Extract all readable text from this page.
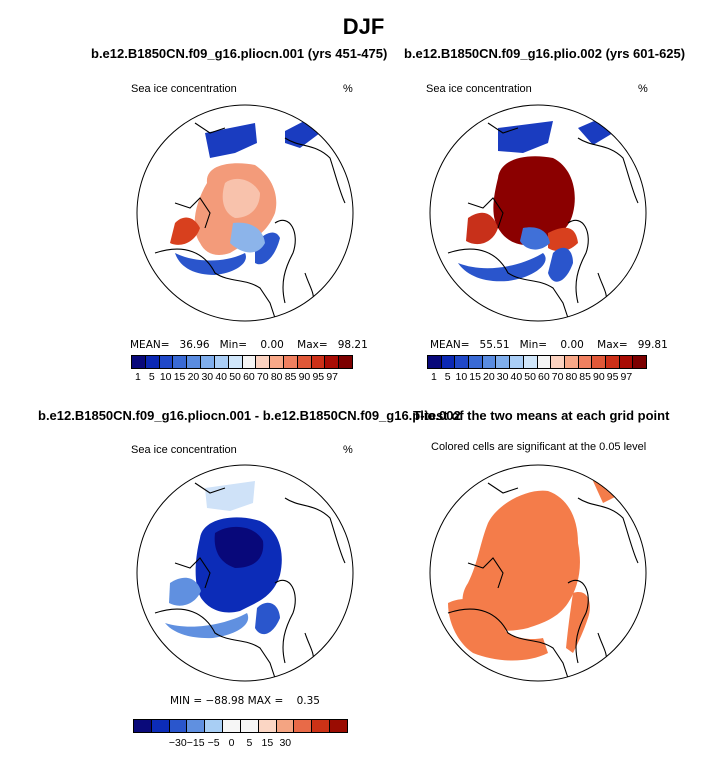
DJF
b.e12.B1850CN.f09_g16.pliocn.001 (yrs 451-475)
Sea ice concentration	%
MEAN= 36.96 Min= 0.00 Max= 98.21
1 5 10 15 20 30 40 50 60 70 80 85 90 95 97
b.e12.B1850CN.f09_g16.plio.002 (yrs 601-625)
Sea ice concentration	%
MEAN= 55.51 Min= 0.00 Max= 99.81
1 5 10 15 20 30 40 50 60 70 80 85 90 95 97
b.e12.B1850CN.f09_g16.pliocn.001 - b.e12.B1850CN.f09_g16.plio.002
Sea ice concentration	%
MIN = −88.98 MAX =    0.35
−30 −15 −5 0 5 15 30
T-test of the two means at each grid point
Colored cells are significant at the 0.05 level
